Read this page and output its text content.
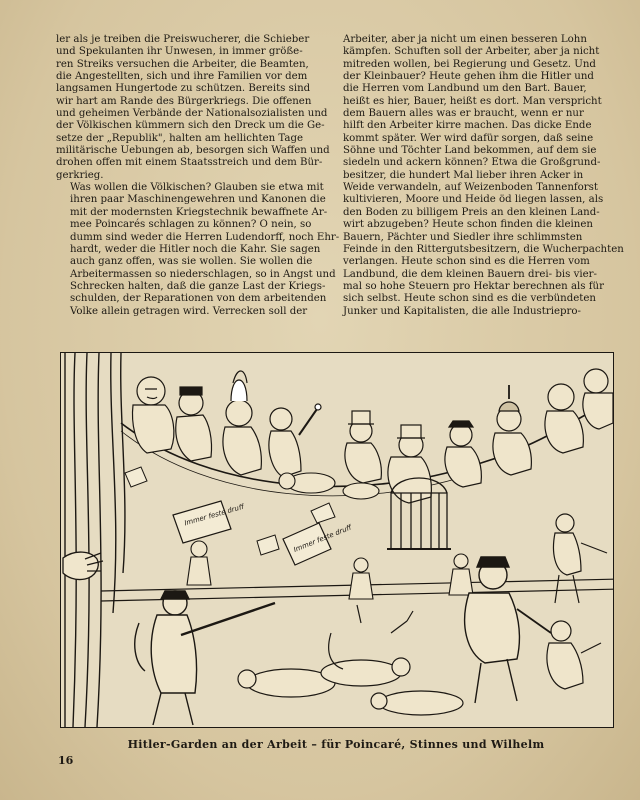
ler als je treiben die Preiswucherer, die Schieber
und Spekulanten ihr Unwesen, in immer größe-
ren Streiks versuchen die Arbeiter, die Beamten,
die Angestellten, sich und ihre Familien vor dem
langsamen Hungertode zu schützen. Bereits sind
wir hart am Rande des Bürgerkriegs. Die offenen
und geheimen Verbände der Nationalsozialisten und
der Völkischen kümmern sich den Dreck um die Ge-
setze der „Republik", halten am hellichten Tage
militärische Uebungen ab, besorgen sich Waffen und
drohen offen mit einem Staatsstreich und dem Bür-
gerkrieg.

Was wollen die Völkischen? Glauben sie etwa mit
ihren paar Maschinengewehren und Kanonen die
mit der modernsten Kriegstechnik bewaffnete Ar-
mee Poincarés schlagen zu können? O nein, so
dumm sind weder die Herren Ludendorff, noch Ehr-
hardt, weder die Hitler noch die Kahr. Sie sagen
auch ganz offen, was sie wollen. Sie wollen die
Arbeitermassen so niederschlagen, so in Angst und
Schrecken halten, daß die ganze Last der Kriegs-
schulden, der Reparationen von dem arbeitenden
Volke allein getragen wird. Verrecken soll der

Arbeiter, aber ja nicht um einen besseren Lohn
kämpfen. Schuften soll der Arbeiter, aber ja nicht
mitreden wollen, bei Regierung und Gesetz. Und
der Kleinbauer? Heute gehen ihm die Hitler und
die Herren vom Landbund um den Bart. Bauer,
heißt es hier, Bauer, heißt es dort. Man verspricht
dem Bauern alles was er braucht, wenn er nur
hilft den Arbeiter kirre machen. Das dicke Ende
kommt später. Wer wird dafür sorgen, daß seine
Söhne und Töchter Land bekommen, auf dem sie
siedeln und ackern können? Etwa die Großgrund-
besitzer, die hundert Mal lieber ihren Acker in
Weide verwandeln, auf Weizenboden Tannenforst
kultivieren, Moore und Heide öd liegen lassen, als
den Boden zu billigem Preis an den kleinen Land-
wirt abzugeben? Heute schon finden die kleinen
Bauern, Pächter und Siedler ihre schlimmsten
Feinde in den Rittergutsbesitzern, die Wucherpachten
verlangen. Heute schon sind es die Herren vom
Landbund, die dem kleinen Bauern drei- bis vier-
mal so hohe Steuern pro Hektar berechnen als für
sich selbst. Heute schon sind es die verbündeten
Junker und Kapitalisten, die alle Industriepro-

Immer feste druff
Immer feste druff
Hitler-Garden an der Arbeit – für Poincaré, Stinnes und Wilhelm
16
